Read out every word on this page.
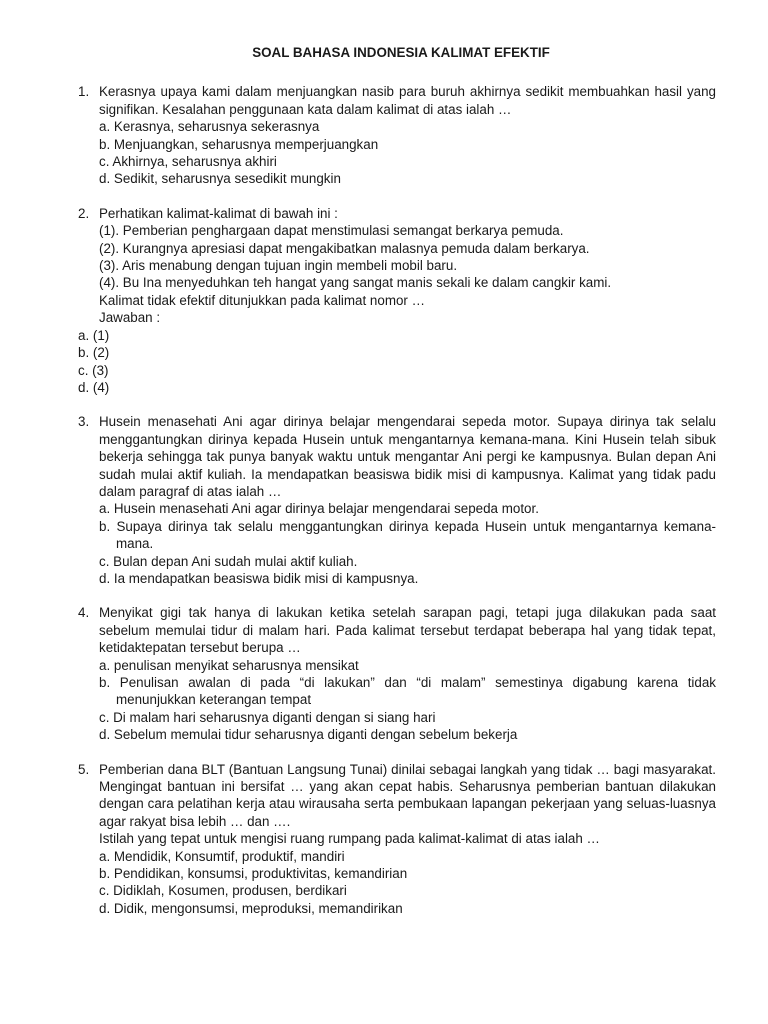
SOAL BAHASA INDONESIA KALIMAT EFEKTIF
1. Kerasnya upaya kami dalam menjuangkan nasib para buruh akhirnya sedikit membuahkan hasil yang signifikan. Kesalahan penggunaan kata dalam kalimat di atas ialah …
a. Kerasnya, seharusnya sekerasnya
b. Menjuangkan, seharusnya memperjuangkan
c. Akhirnya, seharusnya akhiri
d. Sedikit, seharusnya sesedikit mungkin
2. Perhatikan kalimat-kalimat di bawah ini :
(1). Pemberian penghargaan dapat menstimulasi semangat berkarya pemuda.
(2). Kurangnya apresiasi dapat mengakibatkan malasnya pemuda dalam berkarya.
(3). Aris menabung dengan tujuan ingin membeli mobil baru.
(4). Bu Ina menyeduhkan teh hangat yang sangat manis sekali ke dalam cangkir kami.
Kalimat tidak efektif ditunjukkan pada kalimat nomor …
Jawaban :
a. (1)
b. (2)
c. (3)
d. (4)
3. Husein menasehati Ani agar dirinya belajar mengendarai sepeda motor. Supaya dirinya tak selalu menggantungkan dirinya kepada Husein untuk mengantarnya kemana-mana. Kini Husein telah sibuk bekerja sehingga tak punya banyak waktu untuk mengantar Ani pergi ke kampusnya. Bulan depan Ani sudah mulai aktif kuliah. Ia mendapatkan beasiswa bidik misi di kampusnya. Kalimat yang tidak padu dalam paragraf di atas ialah …
a. Husein menasehati Ani agar dirinya belajar mengendarai sepeda motor.
b. Supaya dirinya tak selalu menggantungkan dirinya kepada Husein untuk mengantarnya kemana-mana.
c. Bulan depan Ani sudah mulai aktif kuliah.
d. Ia mendapatkan beasiswa bidik misi di kampusnya.
4. Menyikat gigi tak hanya di lakukan ketika setelah sarapan pagi, tetapi juga dilakukan pada saat sebelum memulai tidur di malam hari. Pada kalimat tersebut terdapat beberapa hal yang tidak tepat, ketidaktepatan tersebut berupa …
a. penulisan menyikat seharusnya mensikat
b. Penulisan awalan di pada “di lakukan” dan “di malam” semestinya digabung karena tidak menunjukkan keterangan tempat
c. Di malam hari seharusnya diganti dengan si siang hari
d. Sebelum memulai tidur seharusnya diganti dengan sebelum bekerja
5. Pemberian dana BLT (Bantuan Langsung Tunai) dinilai sebagai langkah yang tidak … bagi masyarakat. Mengingat bantuan ini bersifat … yang akan cepat habis. Seharusnya pemberian bantuan dilakukan dengan cara pelatihan kerja atau wirausaha serta pembukaan lapangan pekerjaan yang seluas-luasnya agar rakyat bisa lebih … dan ….
Istilah yang tepat untuk mengisi ruang rumpang pada kalimat-kalimat di atas ialah …
a. Mendidik, Konsumtif, produktif, mandiri
b. Pendidikan, konsumsi, produktivitas, kemandirian
c. Didiklah, Kosumen, produsen, berdikari
d. Didik, mengonsumsi, meproduksi, memandirikan
